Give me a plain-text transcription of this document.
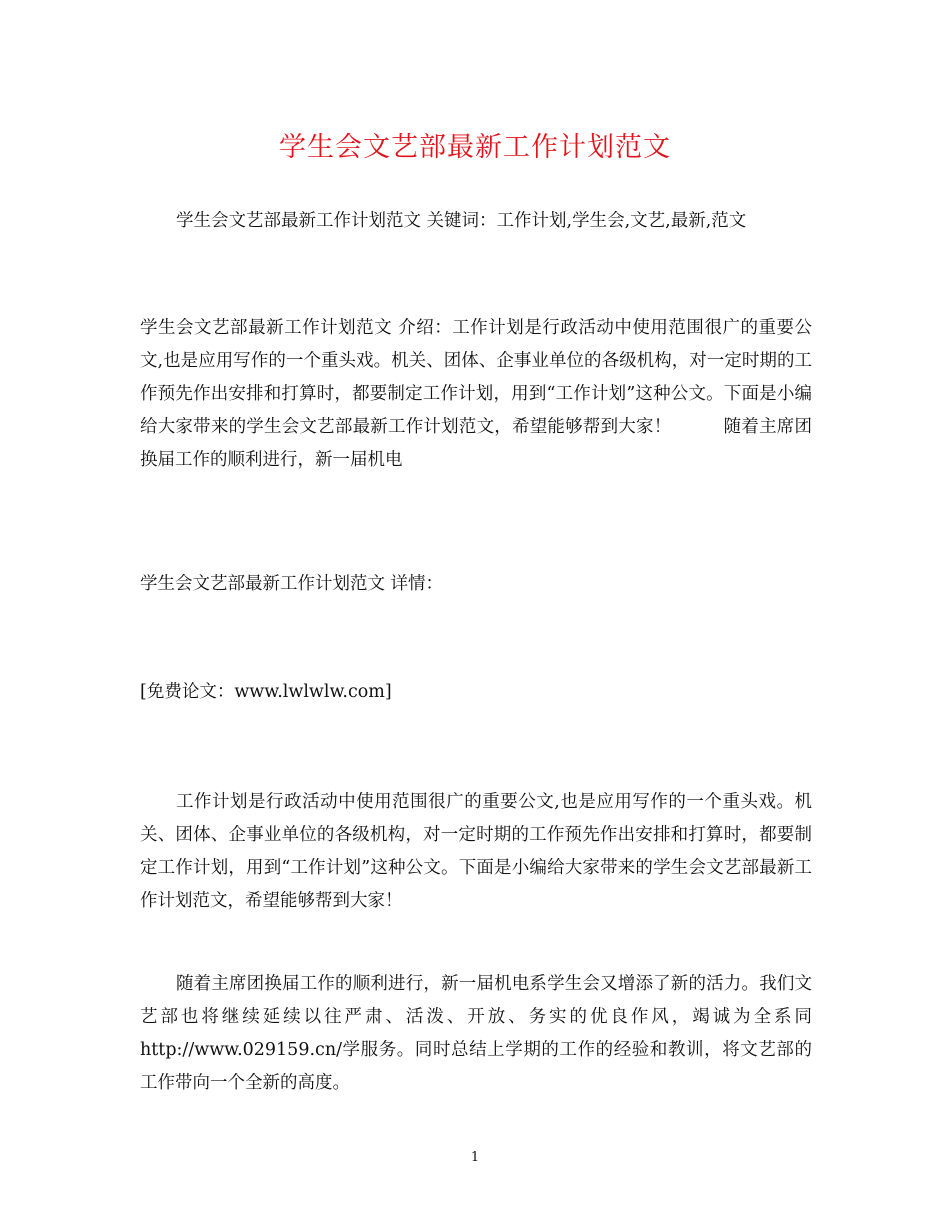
学生会文艺部最新工作计划范文
学生会文艺部最新工作计划范文 关键词：工作计划,学生会,文艺,最新,范文
学生会文艺部最新工作计划范文 介绍：工作计划是行政活动中使用范围很广的重要公文,也是应用写作的一个重头戏。机关、团体、企事业单位的各级机构，对一定时期的工作预先作出安排和打算时，都要制定工作计划，用到“工作计划”这种公文。下面是小编给大家带来的学生会文艺部最新工作计划范文，希望能够帮到大家！	随着主席团换届工作的顺利进行，新一届机电
学生会文艺部最新工作计划范文 详情：
[免费论文：www.lwlwlw.com]
工作计划是行政活动中使用范围很广的重要公文,也是应用写作的一个重头戏。机关、团体、企事业单位的各级机构，对一定时期的工作预先作出安排和打算时，都要制定工作计划，用到“工作计划”这种公文。下面是小编给大家带来的学生会文艺部最新工作计划范文，希望能够帮到大家！
随着主席团换届工作的顺利进行，新一届机电系学生会又增添了新的活力。我们文艺部也将继续延续以往严肃、活泼、开放、务实的优良作风，竭诚为全系同http://www.029159.cn/学服务。同时总结上学期的工作的经验和教训，将文艺部的工作带向一个全新的高度。
1
